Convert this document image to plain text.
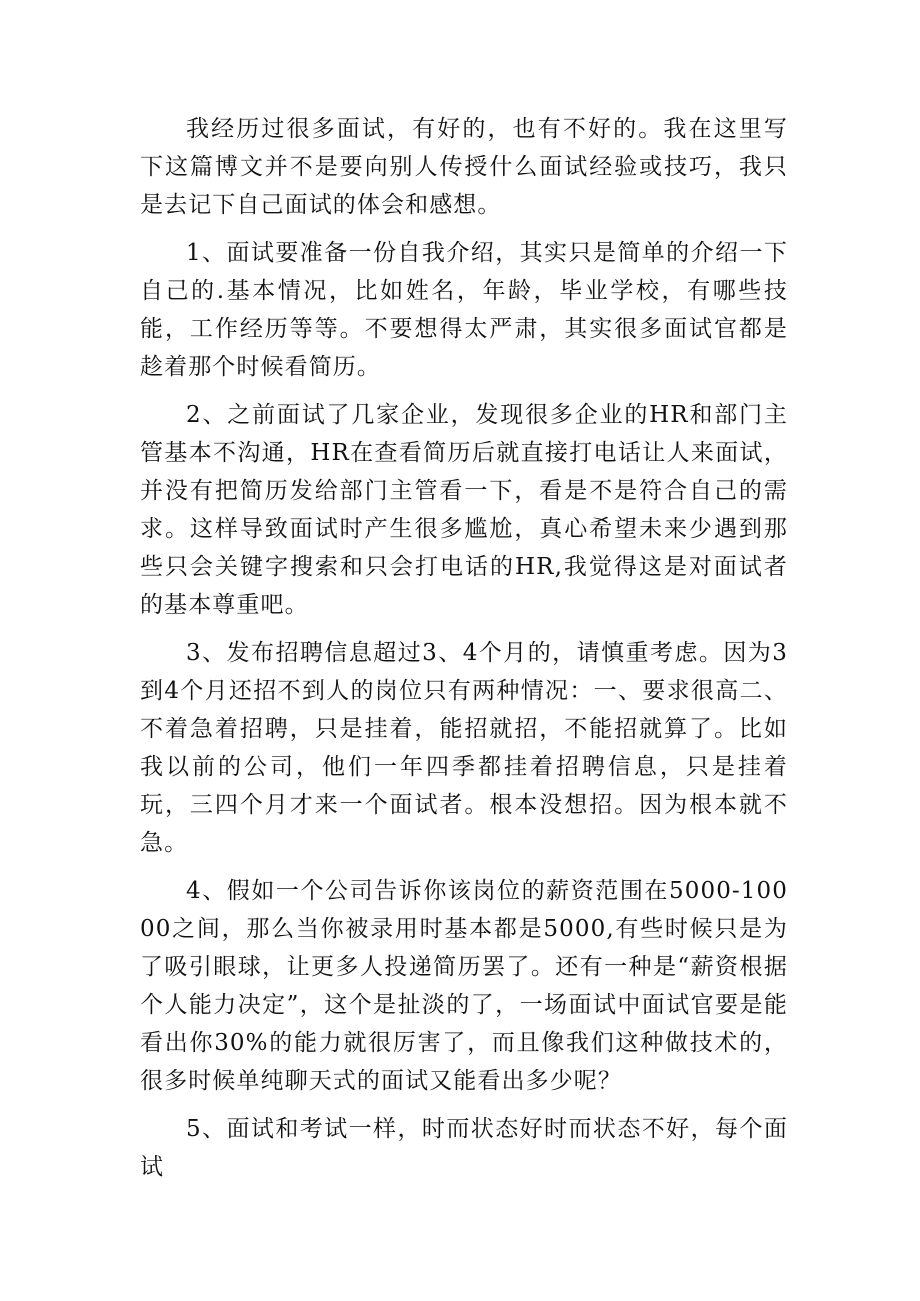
我经历过很多面试，有好的，也有不好的。我在这里写下这篇博文并不是要向别人传授什么面试经验或技巧，我只是去记下自己面试的体会和感想。

1、面试要准备一份自我介绍，其实只是简单的介绍一下自己的.基本情况，比如姓名，年龄，毕业学校，有哪些技能，工作经历等等。不要想得太严肃，其实很多面试官都是趁着那个时候看简历。

2、之前面试了几家企业，发现很多企业的HR和部门主管基本不沟通，HR在查看简历后就直接打电话让人来面试，并没有把简历发给部门主管看一下，看是不是符合自己的需求。这样导致面试时产生很多尴尬，真心希望未来少遇到那些只会关键字搜索和只会打电话的HR,我觉得这是对面试者的基本尊重吧。

3、发布招聘信息超过3、4个月的，请慎重考虑。因为3到4个月还招不到人的岗位只有两种情况：一、要求很高二、不着急着招聘，只是挂着，能招就招，不能招就算了。比如我以前的公司，他们一年四季都挂着招聘信息，只是挂着玩，三四个月才来一个面试者。根本没想招。因为根本就不急。

4、假如一个公司告诉你该岗位的薪资范围在5000-10000之间，那么当你被录用时基本都是5000,有些时候只是为了吸引眼球，让更多人投递简历罢了。还有一种是“薪资根据个人能力决定”，这个是扯淡的了，一场面试中面试官要是能看出你30%的能力就很厉害了，而且像我们这种做技术的，很多时候单纯聊天式的面试又能看出多少呢？

5、面试和考试一样，时而状态好时而状态不好，每个面试
